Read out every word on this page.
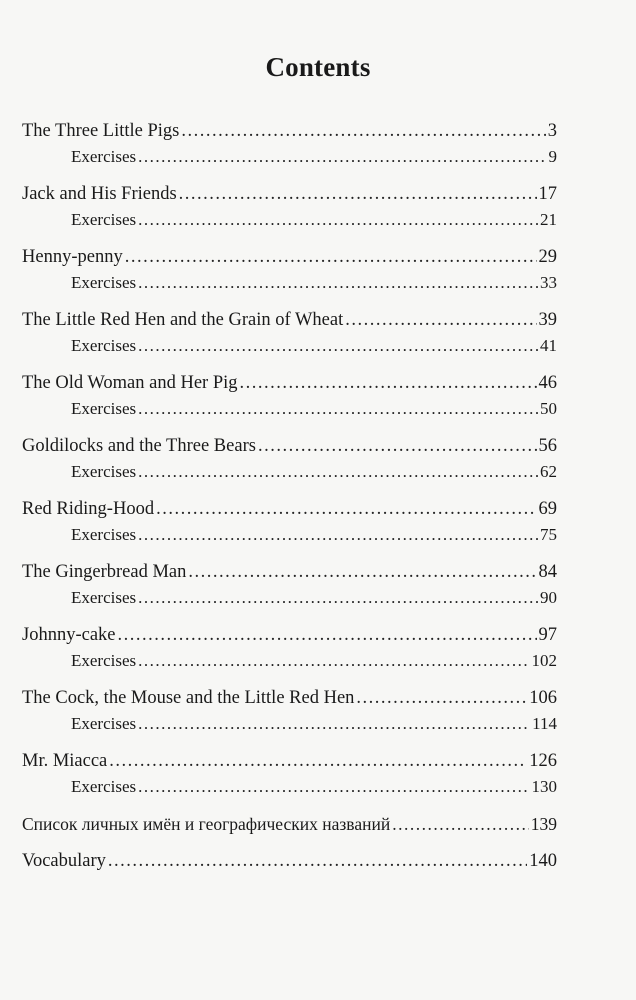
Contents
The Three Little Pigs .....	3
Exercises .....	9
Jack and His Friends .....	17
Exercises .....	21
Henny-penny .....	29
Exercises .....	33
The Little Red Hen and the Grain of Wheat .....	39
Exercises .....	41
The Old Woman and Her Pig .....	46
Exercises .....	50
Goldilocks and the Three Bears .....	56
Exercises .....	62
Red Riding-Hood .....	69
Exercises .....	75
The Gingerbread Man .....	84
Exercises .....	90
Johnny-cake .....	97
Exercises .....	102
The Cock, the Mouse and the Little Red Hen .....	106
Exercises .....	114
Mr. Miacca .....	126
Exercises .....	130
Список личных имён и географических названий .....	139
Vocabulary .....	140
